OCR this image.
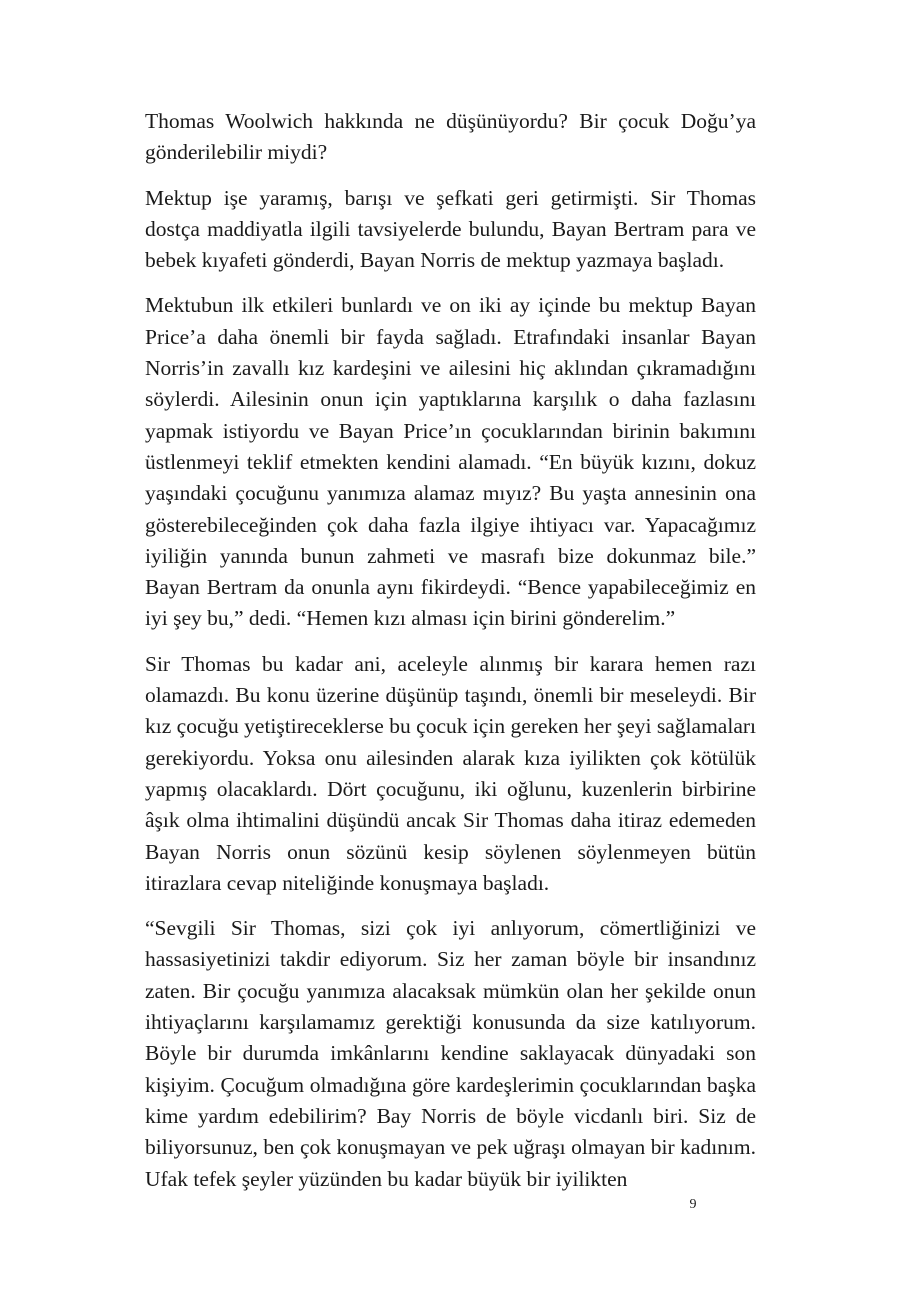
Thomas Woolwich hakkında ne düşünüyordu? Bir çocuk Doğu’ya gönderilebilir miydi?

Mektup işe yaramış, barışı ve şefkati geri getirmişti. Sir Thomas dostça maddiyatla ilgili tavsiyelerde bulundu, Bayan Bertram para ve bebek kıyafeti gönderdi, Bayan Norris de mektup yazmaya başladı.

Mektubun ilk etkileri bunlardı ve on iki ay içinde bu mektup Bayan Price’a daha önemli bir fayda sağladı. Etrafındaki insanlar Bayan Norris’in zavallı kız kardeşini ve ailesini hiç aklından çıkramadığını söylerdi. Ailesinin onun için yaptıklarına karşılık o daha fazlasını yapmak istiyordu ve Bayan Price’ın çocuklarından birinin bakımını üstlenmeyi teklif etmekten kendini alamadı. “En büyük kızını, dokuz yaşındaki çocuğunu yanımıza alamaz mıyız? Bu yaşta annesinin ona gösterebileceğinden çok daha fazla ilgiye ihtiyacı var. Yapacağımız iyiliğin yanında bunun zahmeti ve masrafı bize dokunmaz bile.” Bayan Bertram da onunla aynı fikirdeydi. “Bence yapabileceğimiz en iyi şey bu,” dedi. “Hemen kızı alması için birini gönderelim.”

Sir Thomas bu kadar ani, aceleyle alınmış bir karara hemen razı olamazdı. Bu konu üzerine düşünüp taşındı, önemli bir meseleydi. Bir kız çocuğu yetiştireceklerse bu çocuk için gereken her şeyi sağlamaları gerekiyordu. Yoksa onu ailesinden alarak kıza iyilikten çok kötülük yapmış olacaklardı. Dört çocuğunu, iki oğlunu, kuzenlerin birbirine âşık olma ihtimalini düşündü ancak Sir Thomas daha itiraz edemeden Bayan Norris onun sözünü kesip söylenen söylenmeyen bütün itirazlara cevap niteliğinde konuşmaya başladı.

“Sevgili Sir Thomas, sizi çok iyi anlıyorum, cömertliğinizi ve hassasiyetinizi takdir ediyorum. Siz her zaman böyle bir insandınız zaten. Bir çocuğu yanımıza alacaksak mümkün olan her şekilde onun ihtiyaçlarını karşılamamız gerektiği konusunda da size katılıyorum. Böyle bir durumda imkânlarını kendine saklayacak dünyadaki son kişiyim. Çocuğum olmadığına göre kardeşlerimin çocuklarından başka kime yardım edebilirim? Bay Norris de böyle vicdanlı biri. Siz de biliyorsunuz, ben çok konuşmayan ve pek uğraşı olmayan bir kadınım. Ufak tefek şeyler yüzünden bu kadar büyük bir iyilikten

9
